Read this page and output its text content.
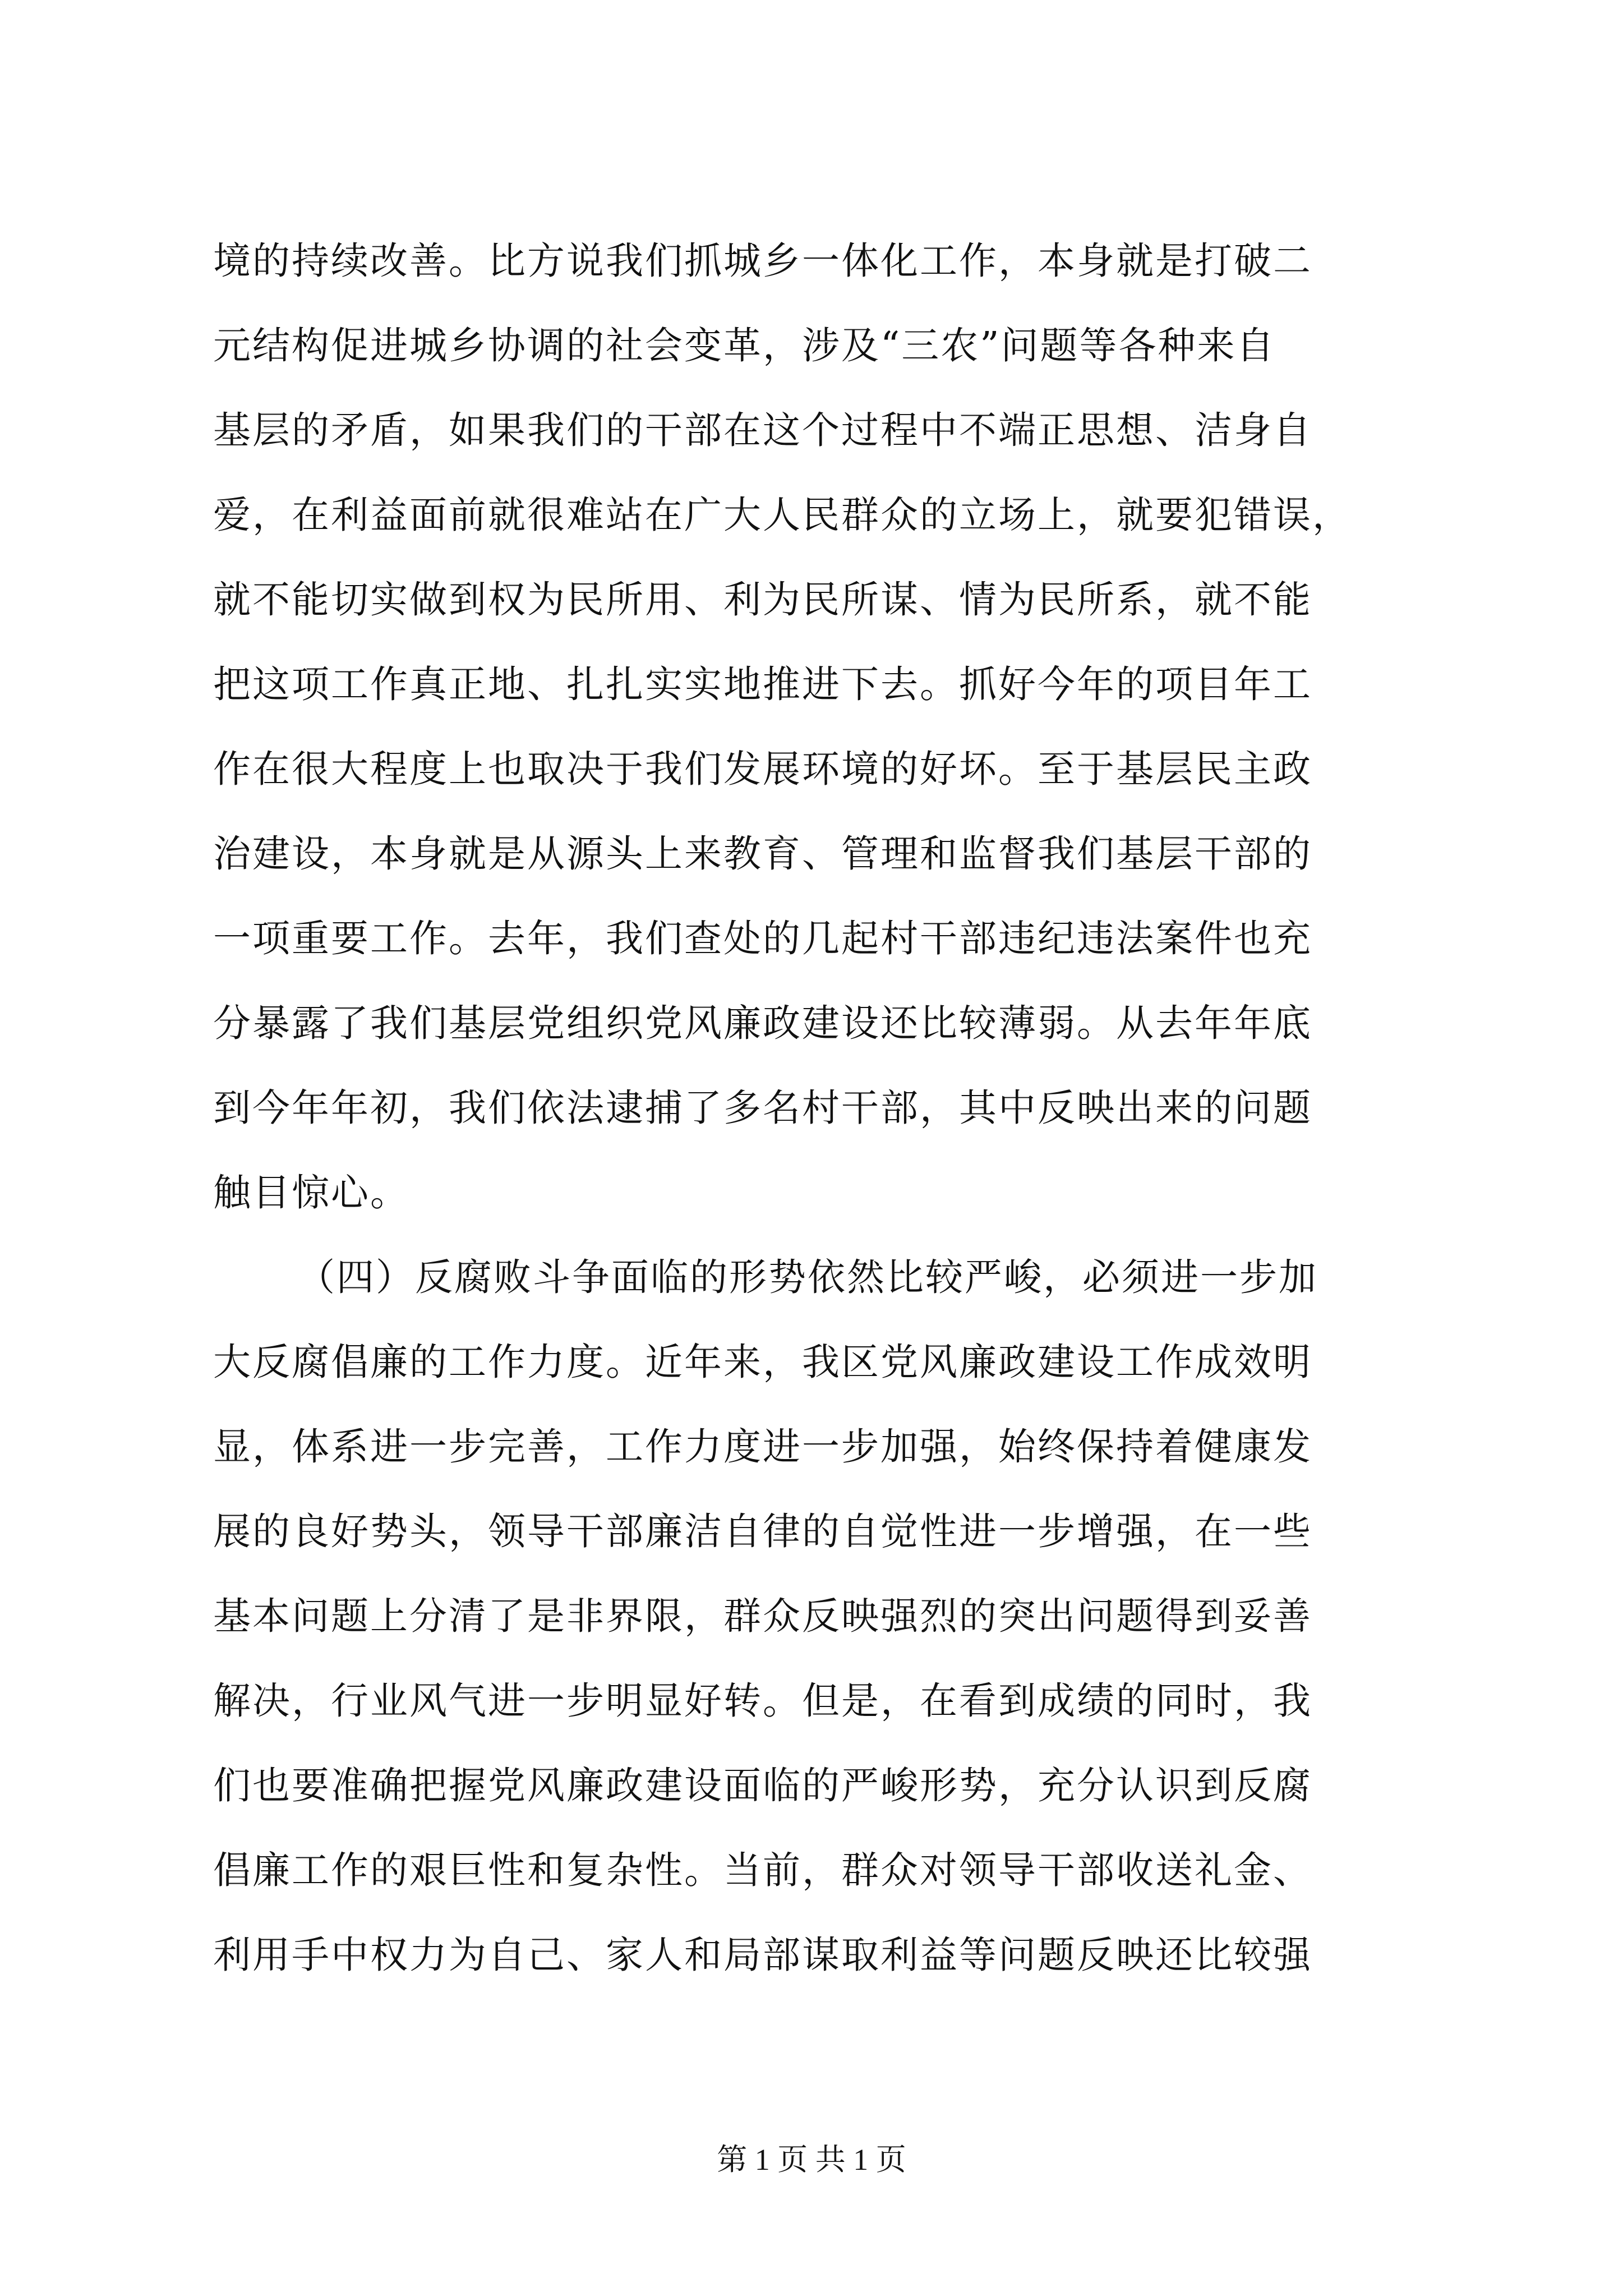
境的持续改善。比方说我们抓城乡一体化工作，本身就是打破二
元结构促进城乡协调的社会变革，涉及“三农”问题等各种来自
基层的矛盾，如果我们的干部在这个过程中不端正思想、洁身自
爱，在利益面前就很难站在广大人民群众的立场上，就要犯错误，
就不能切实做到权为民所用、利为民所谋、情为民所系，就不能
把这项工作真正地、扎扎实实地推进下去。抓好今年的项目年工
作在很大程度上也取决于我们发展环境的好坏。至于基层民主政
治建设，本身就是从源头上来教育、管理和监督我们基层干部的
一项重要工作。去年，我们查处的几起村干部违纪违法案件也充
分暴露了我们基层党组织党风廉政建设还比较薄弱。从去年年底
到今年年初，我们依法逮捕了多名村干部，其中反映出来的问题
触目惊心。
（四）反腐败斗争面临的形势依然比较严峻，必须进一步加
大反腐倡廉的工作力度。近年来，我区党风廉政建设工作成效明
显，体系进一步完善，工作力度进一步加强，始终保持着健康发
展的良好势头，领导干部廉洁自律的自觉性进一步增强，在一些
基本问题上分清了是非界限，群众反映强烈的突出问题得到妥善
解决，行业风气进一步明显好转。但是，在看到成绩的同时，我
们也要准确把握党风廉政建设面临的严峻形势，充分认识到反腐
倡廉工作的艰巨性和复杂性。当前，群众对领导干部收送礼金、
利用手中权力为自己、家人和局部谋取利益等问题反映还比较强
第 1 页 共 1 页
